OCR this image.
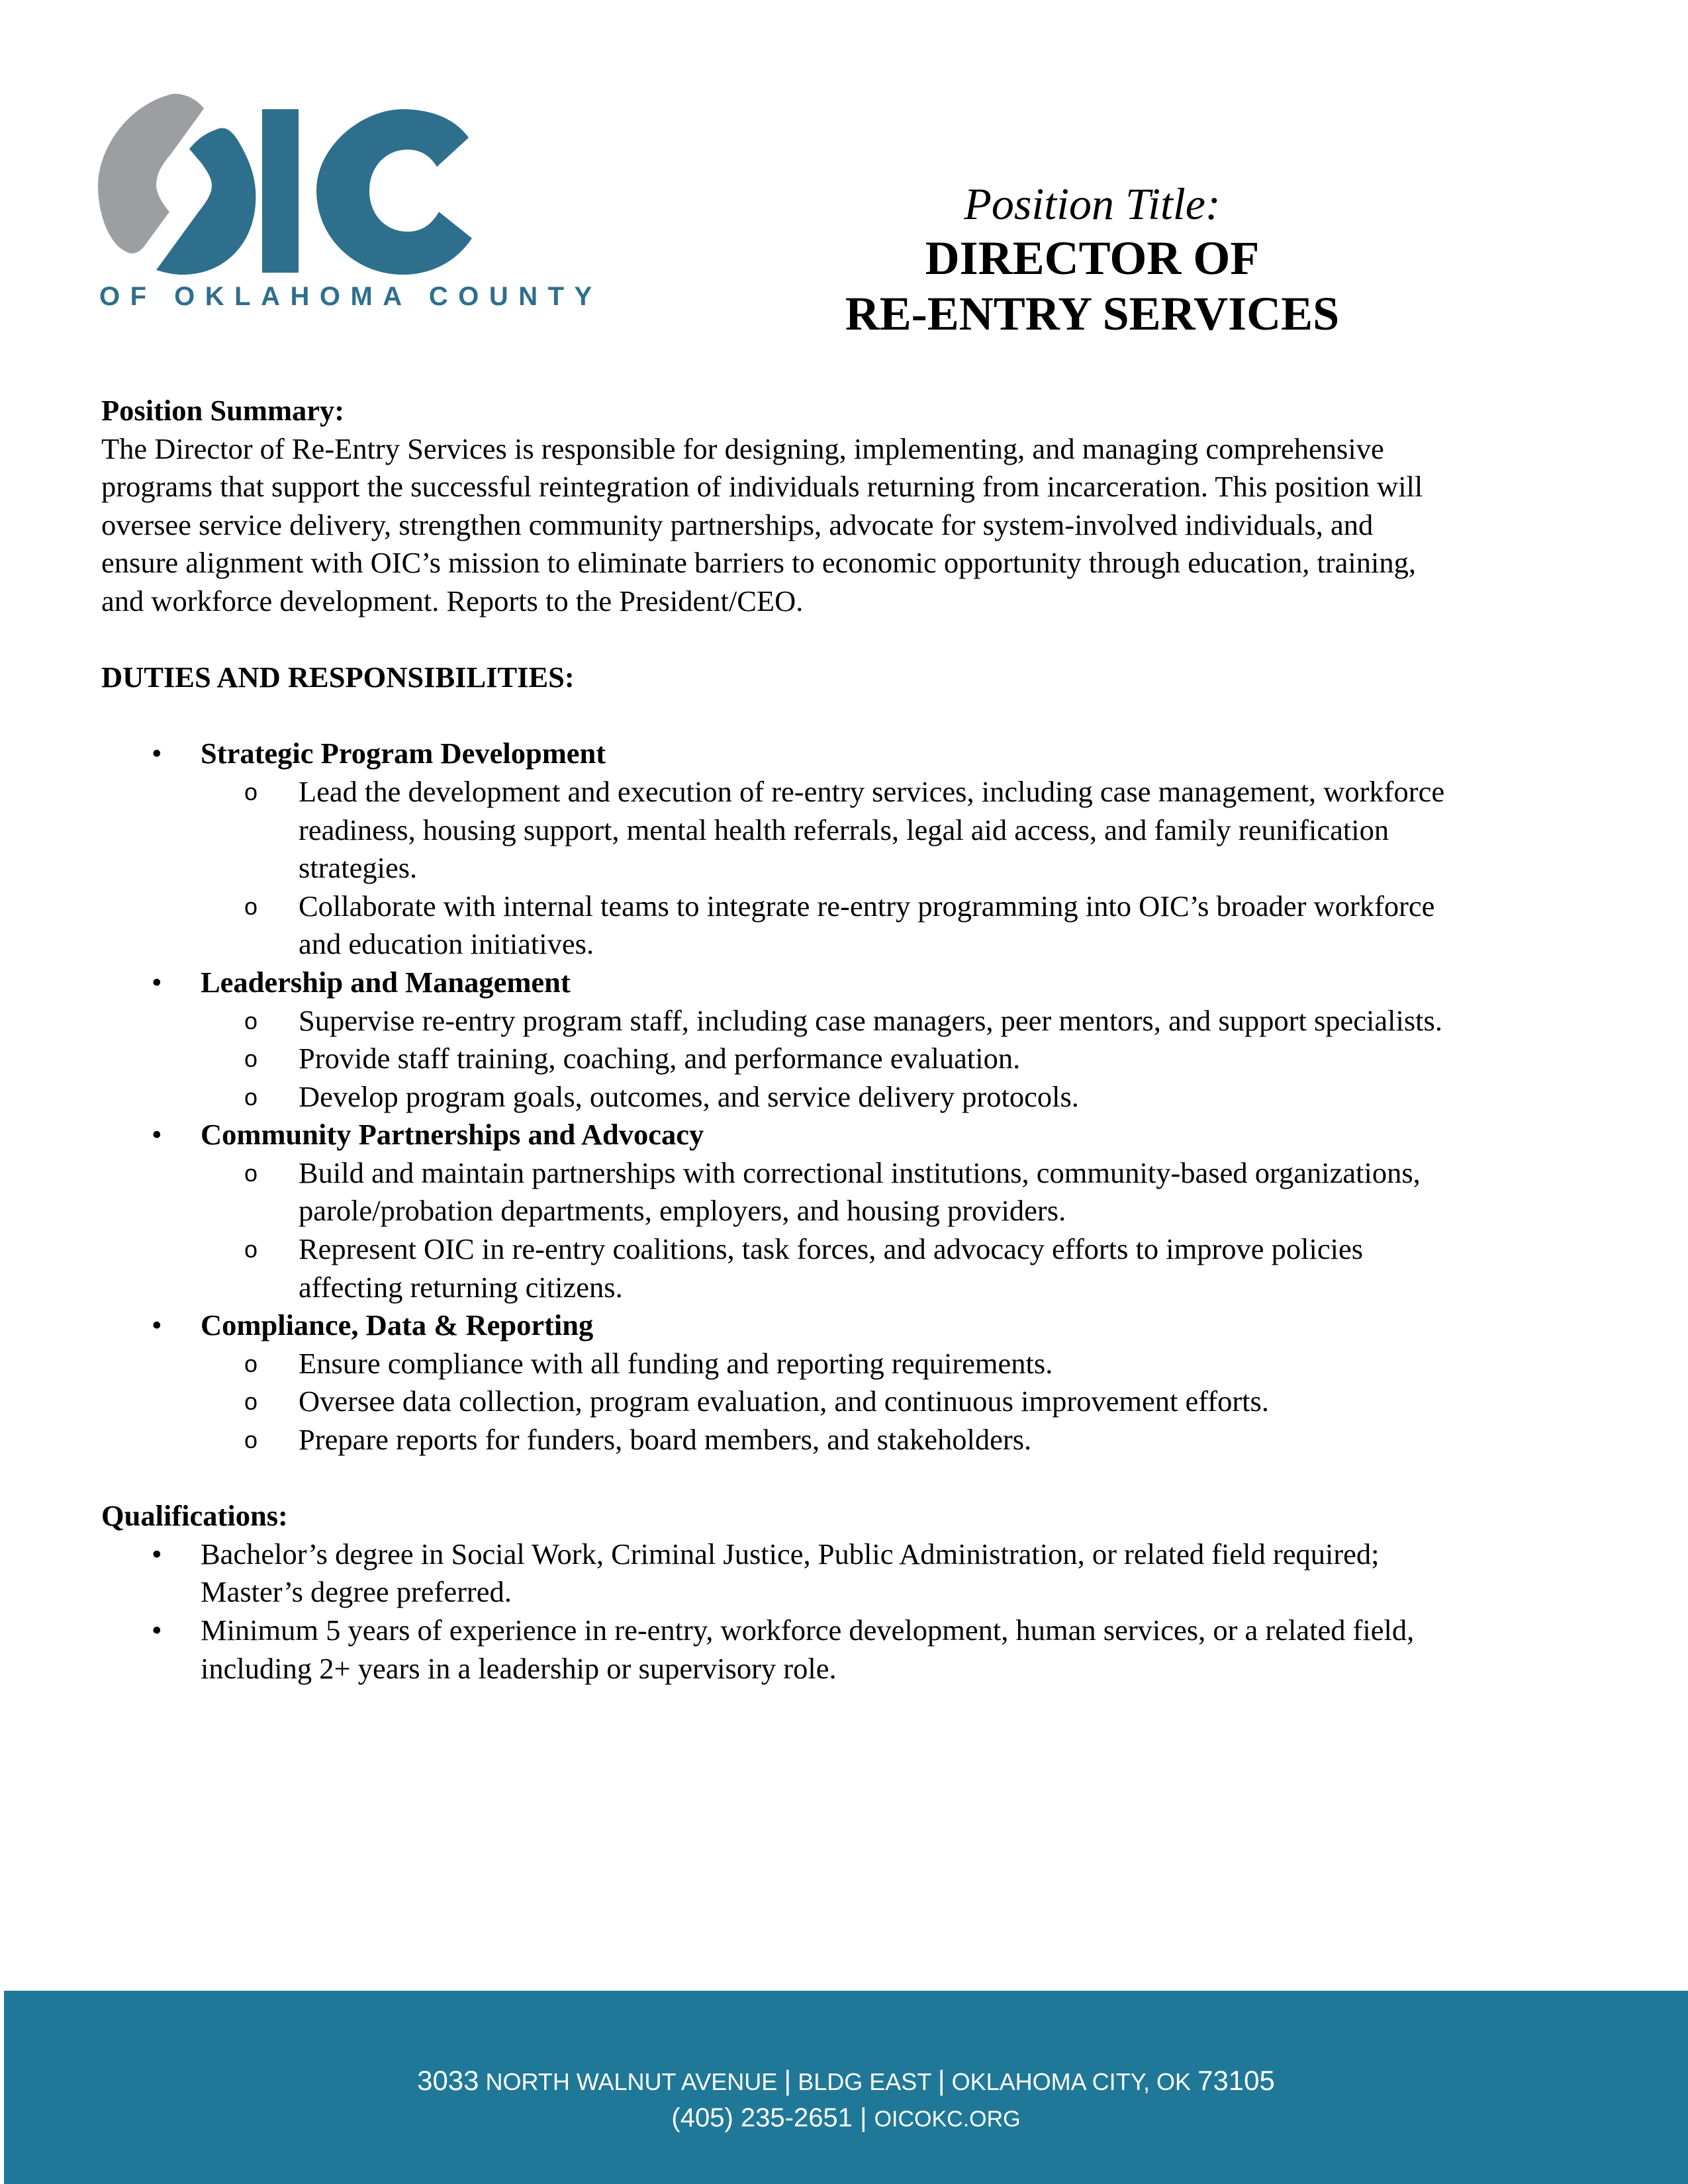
OF OKLAHOMA COUNTY
Position Title:
DIRECTOR OF
RE-ENTRY SERVICES
Position Summary:
The Director of Re-Entry Services is responsible for designing, implementing, and managing comprehensive
programs that support the successful reintegration of individuals returning from incarceration. This position will
oversee service delivery, strengthen community partnerships, advocate for system-involved individuals, and
ensure alignment with OIC’s mission to eliminate barriers to economic opportunity through education, training,
and workforce development. Reports to the President/CEO.
DUTIES AND RESPONSIBILITIES:
• Strategic Program Development
o Lead the development and execution of re-entry services, including case management, workforce
readiness, housing support, mental health referrals, legal aid access, and family reunification
strategies.
o Collaborate with internal teams to integrate re-entry programming into OIC’s broader workforce
and education initiatives.
• Leadership and Management
o Supervise re-entry program staff, including case managers, peer mentors, and support specialists.
o Provide staff training, coaching, and performance evaluation.
o Develop program goals, outcomes, and service delivery protocols.
• Community Partnerships and Advocacy
o Build and maintain partnerships with correctional institutions, community-based organizations,
parole/probation departments, employers, and housing providers.
o Represent OIC in re-entry coalitions, task forces, and advocacy efforts to improve policies
affecting returning citizens.
• Compliance, Data & Reporting
o Ensure compliance with all funding and reporting requirements.
o Oversee data collection, program evaluation, and continuous improvement efforts.
o Prepare reports for funders, board members, and stakeholders.
Qualifications:
• Bachelor’s degree in Social Work, Criminal Justice, Public Administration, or related field required;
Master’s degree preferred.
• Minimum 5 years of experience in re-entry, workforce development, human services, or a related field,
including 2+ years in a leadership or supervisory role.
3033 NORTH WALNUT AVENUE | BLDG EAST | OKLAHOMA CITY, OK 73105
(405) 235-2651 | OICOKC.ORG
